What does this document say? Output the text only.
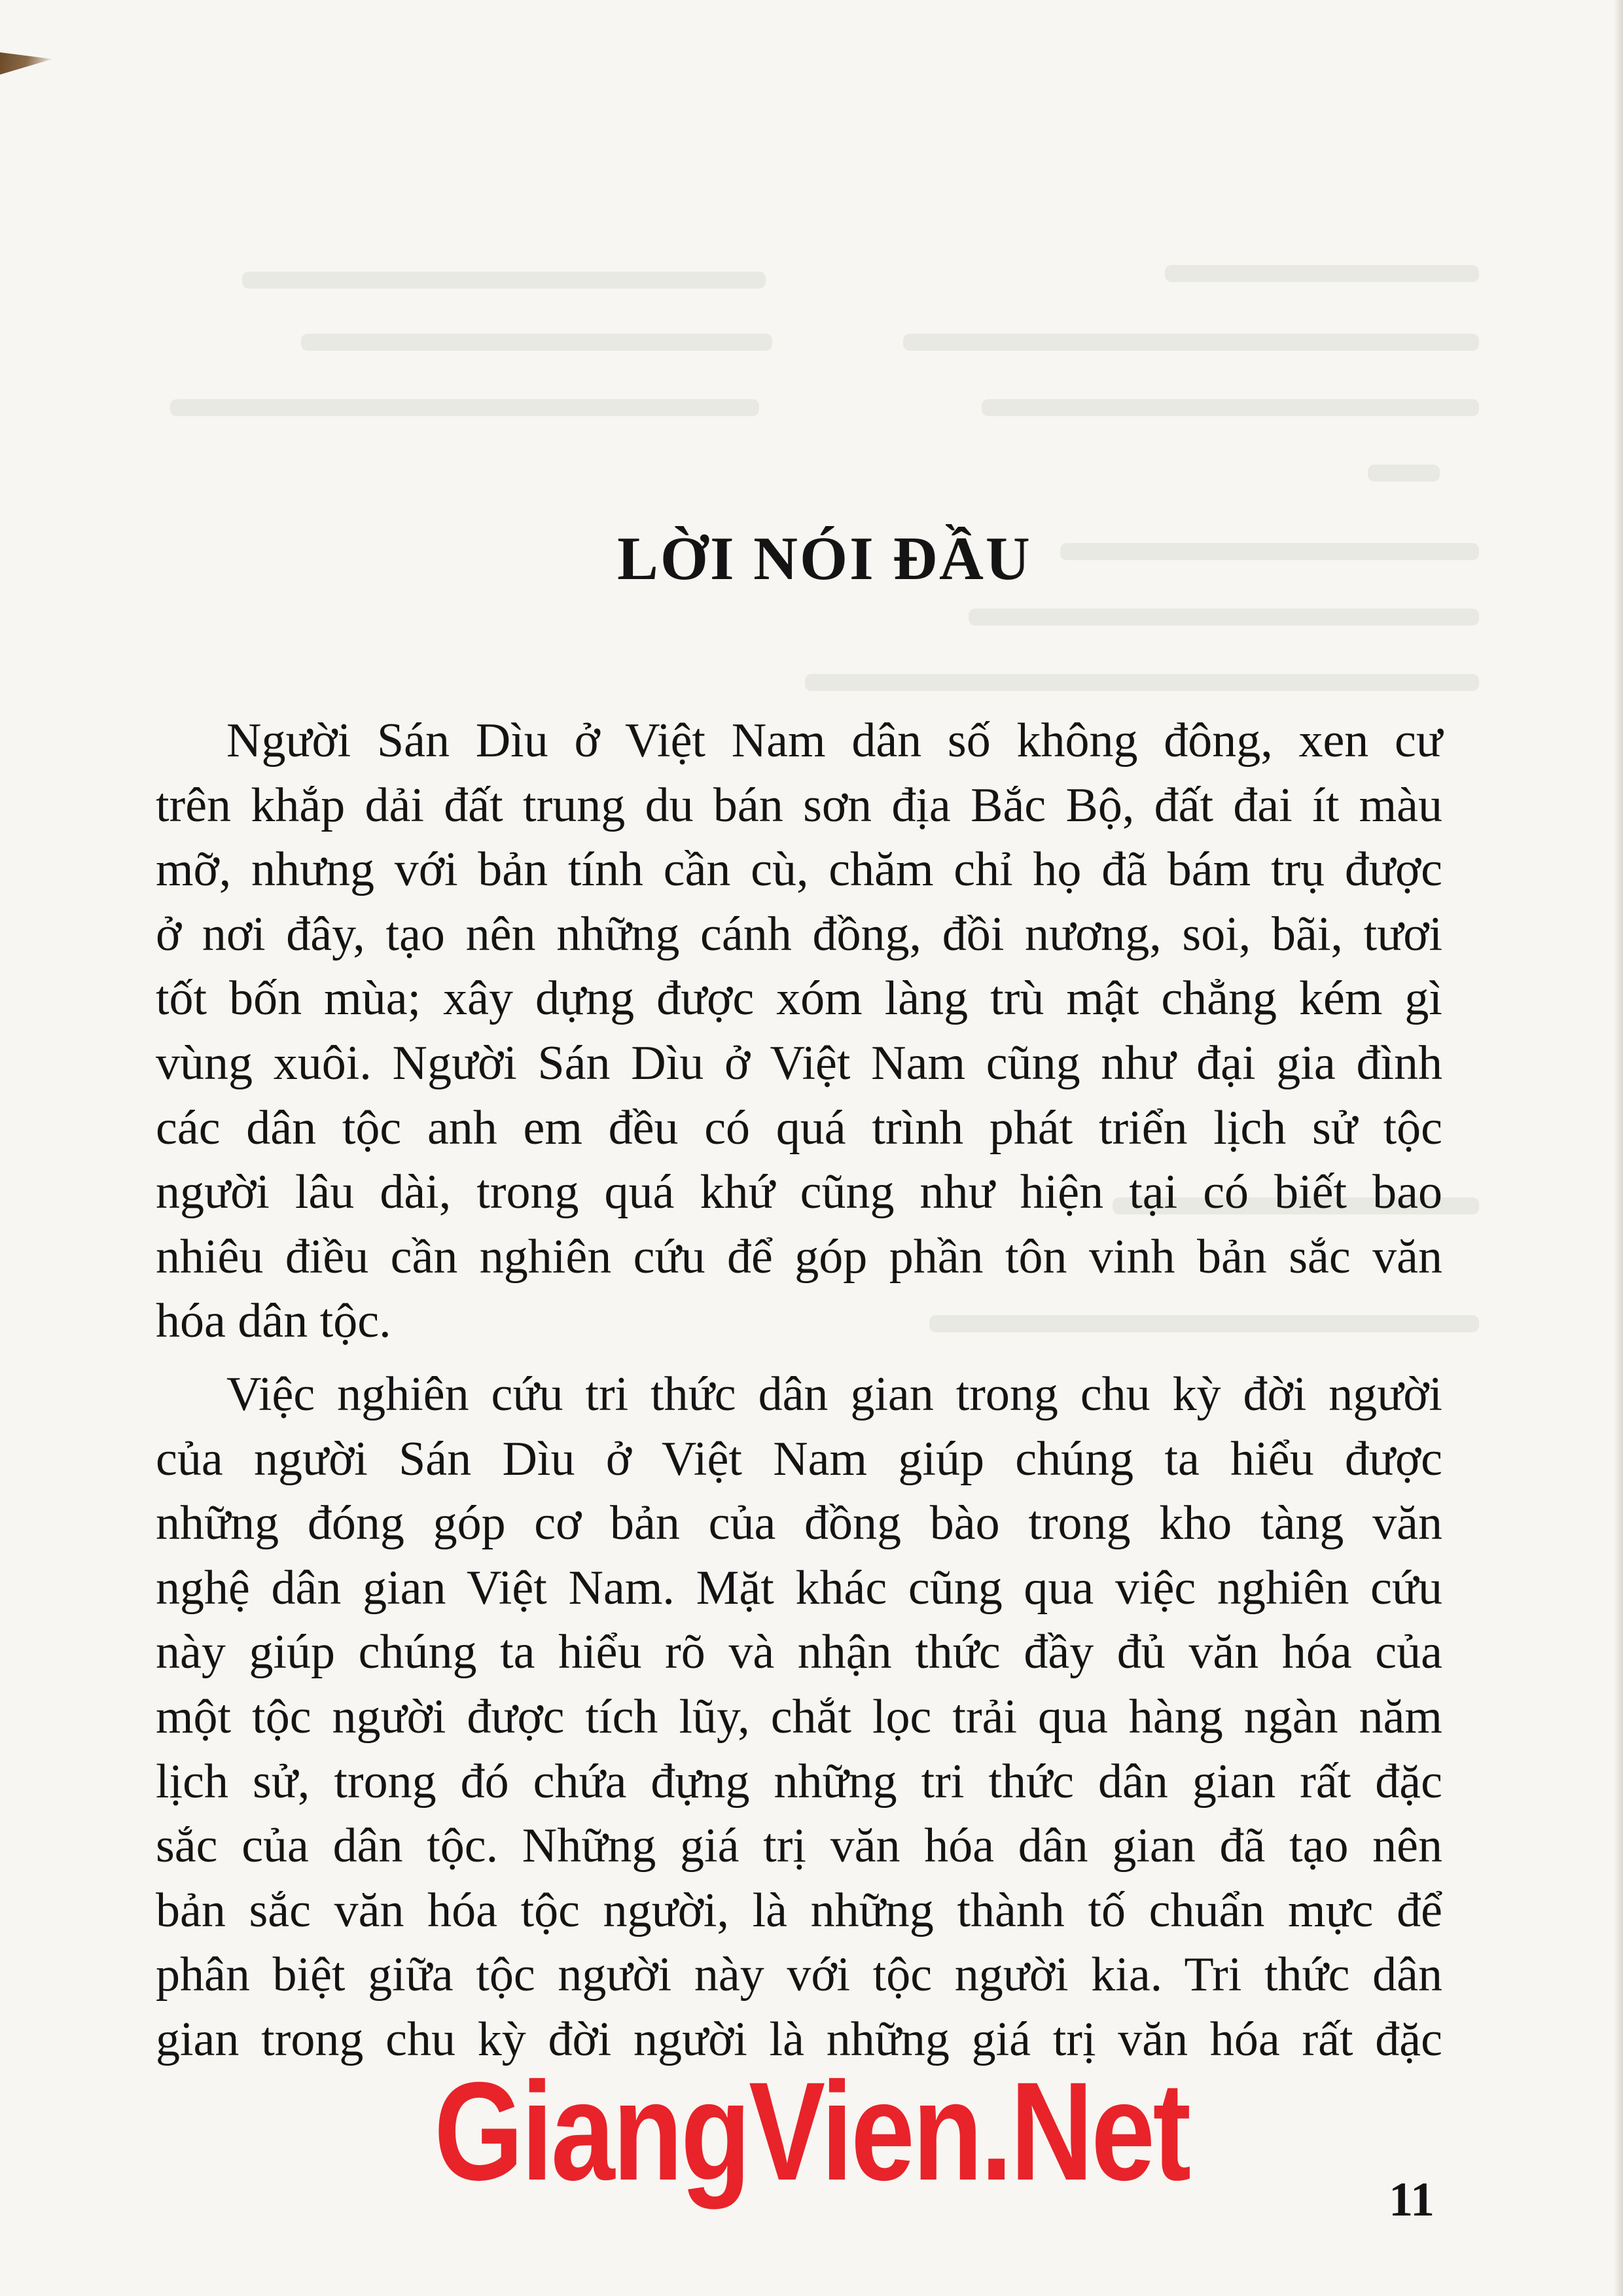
LỜI NÓI ĐẦU
Người Sán Dìu ở Việt Nam dân số không đông, xen cư
trên khắp dải đất trung du bán sơn địa Bắc Bộ, đất đai ít màu
mỡ, nhưng với bản tính cần cù, chăm chỉ họ đã bám trụ được
ở nơi đây, tạo nên những cánh đồng, đồi nương, soi, bãi, tươi
tốt bốn mùa; xây dựng được xóm làng trù mật chẳng kém gì
vùng xuôi. Người Sán Dìu ở Việt Nam cũng như đại gia đình
các dân tộc anh em đều có quá trình phát triển lịch sử tộc
người lâu dài, trong quá khứ cũng như hiện tại có biết bao
nhiêu điều cần nghiên cứu để góp phần tôn vinh bản sắc văn
hóa dân tộc.
Việc nghiên cứu tri thức dân gian trong chu kỳ đời người
của người Sán Dìu ở Việt Nam giúp chúng ta hiểu được
những đóng góp cơ bản của đồng bào trong kho tàng văn
nghệ dân gian Việt Nam. Mặt khác cũng qua việc nghiên cứu
này giúp chúng ta hiểu rõ và nhận thức đầy đủ văn hóa của
một tộc người được tích lũy, chắt lọc trải qua hàng ngàn năm
lịch sử, trong đó chứa đựng những tri thức dân gian rất đặc
sắc của dân tộc. Những giá trị văn hóa dân gian đã tạo nên
bản sắc văn hóa tộc người, là những thành tố chuẩn mực để
phân biệt giữa tộc người này với tộc người kia. Tri thức dân
gian trong chu kỳ đời người là những giá trị văn hóa rất đặc
GiangVien.Net	11
